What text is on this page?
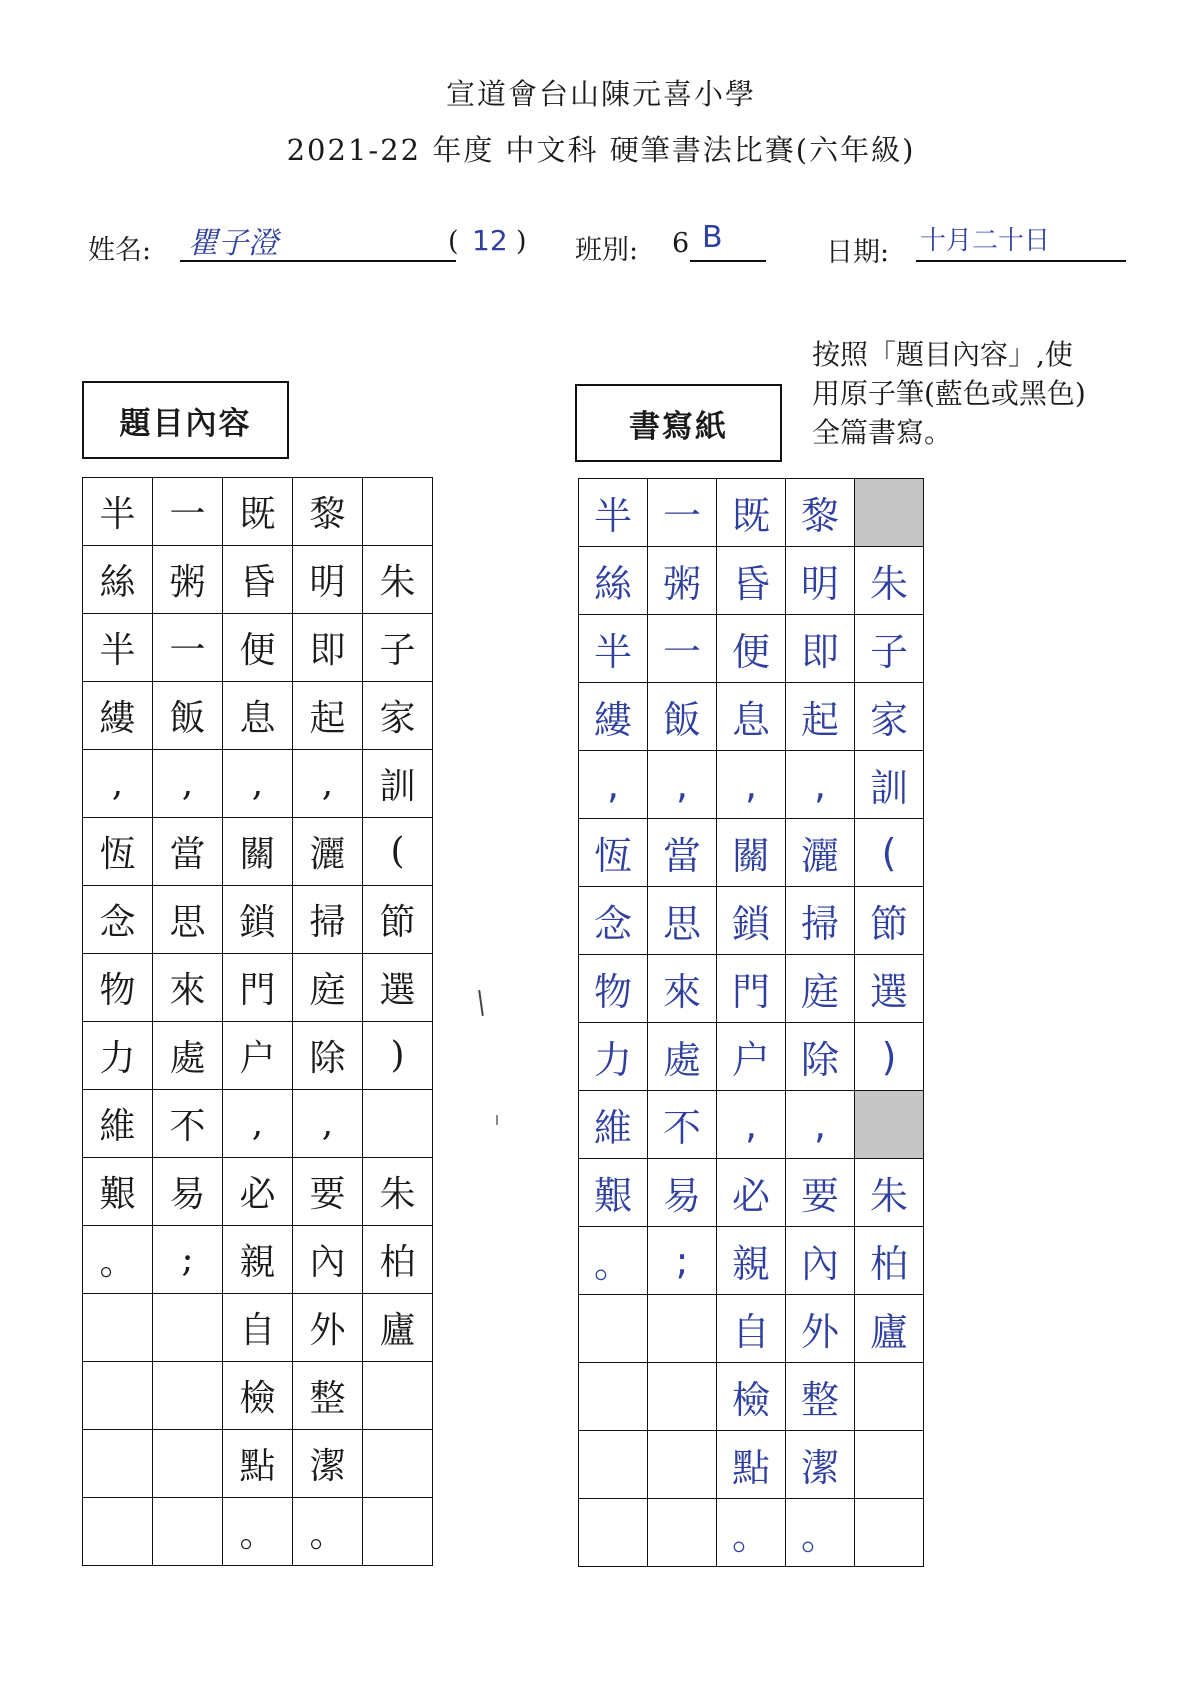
宣道會台山陳元喜小學
2021-22 年度 中文科 硬筆書法比賽(六年級)
姓名: 瞿子澄	( 12 ) 班別: 6 B	日期: 十月二十日
按照「題目內容」,使
用原子筆(藍色或黑色)
全篇書寫。
題目內容	書寫紙
半	一	既	黎	
絲	粥	昏	明	朱
半	一	便	即	子
縷	飯	息	起	家
,	,	,	,	訓
恆	當	關	灑	(
念	思	鎖	掃	節
物	來	門	庭	選
力	處	户	除	)
維	不	,	,	
艱	易	必	要	朱
。	;	親	內	柏
		自	外	廬
		檢	整	
		點	潔	
		。	。	
半	一	既	黎	
絲	粥	昏	明	朱
半	一	便	即	子
縷	飯	息	起	家
,	,	,	,	訓
恆	當	關	灑	(
念	思	鎖	掃	節
物	來	門	庭	選
力	處	户	除	)
維	不	,	,	
艱	易	必	要	朱
。	;	親	內	柏
		自	外	廬
		檢	整	
		點	潔	
		。	。	
